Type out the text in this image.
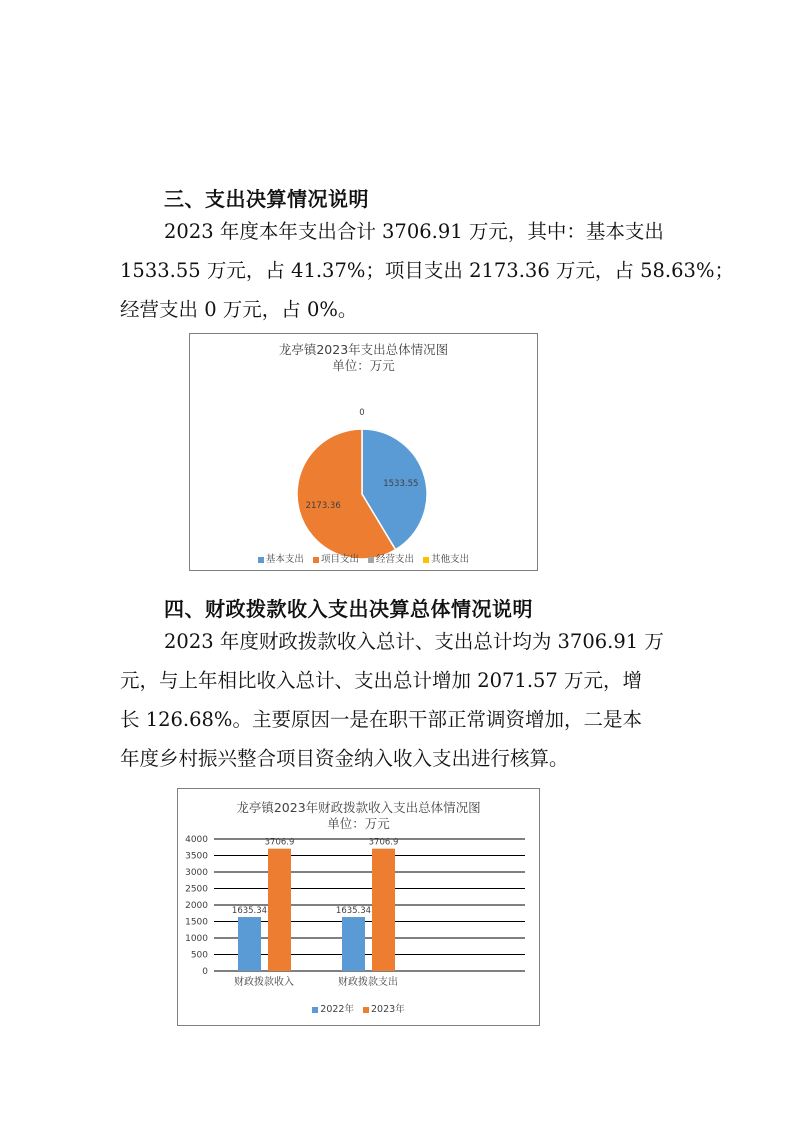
三、支出决算情况说明
2023 年度本年支出合计 3706.91 万元，其中：基本支出
1533.55 万元，占 41.37%；项目支出 2173.36 万元，占 58.63%；
经营支出 0 万元，占 0%。
龙亭镇2023年支出总体情况图
单位：万元
1533.55
2173.36
0
基本支出 项目支出 经营支出 其他支出
四、财政拨款收入支出决算总体情况说明
2023 年度财政拨款收入总计、支出总计均为 3706.91 万
元，与上年相比收入总计、支出总计增加 2071.57 万元，增
长 126.68%。主要原因一是在职干部正常调资增加，二是本
年度乡村振兴整合项目资金纳入收入支出进行核算。
龙亭镇2023年财政拨款收入支出总体情况图
单位：万元
0
500
1000
1500
2000
2500
3000
3500
4000
1635.34
3706.9
财政拨款收入
1635.34
3706.9
财政拨款支出
2022年 2023年
